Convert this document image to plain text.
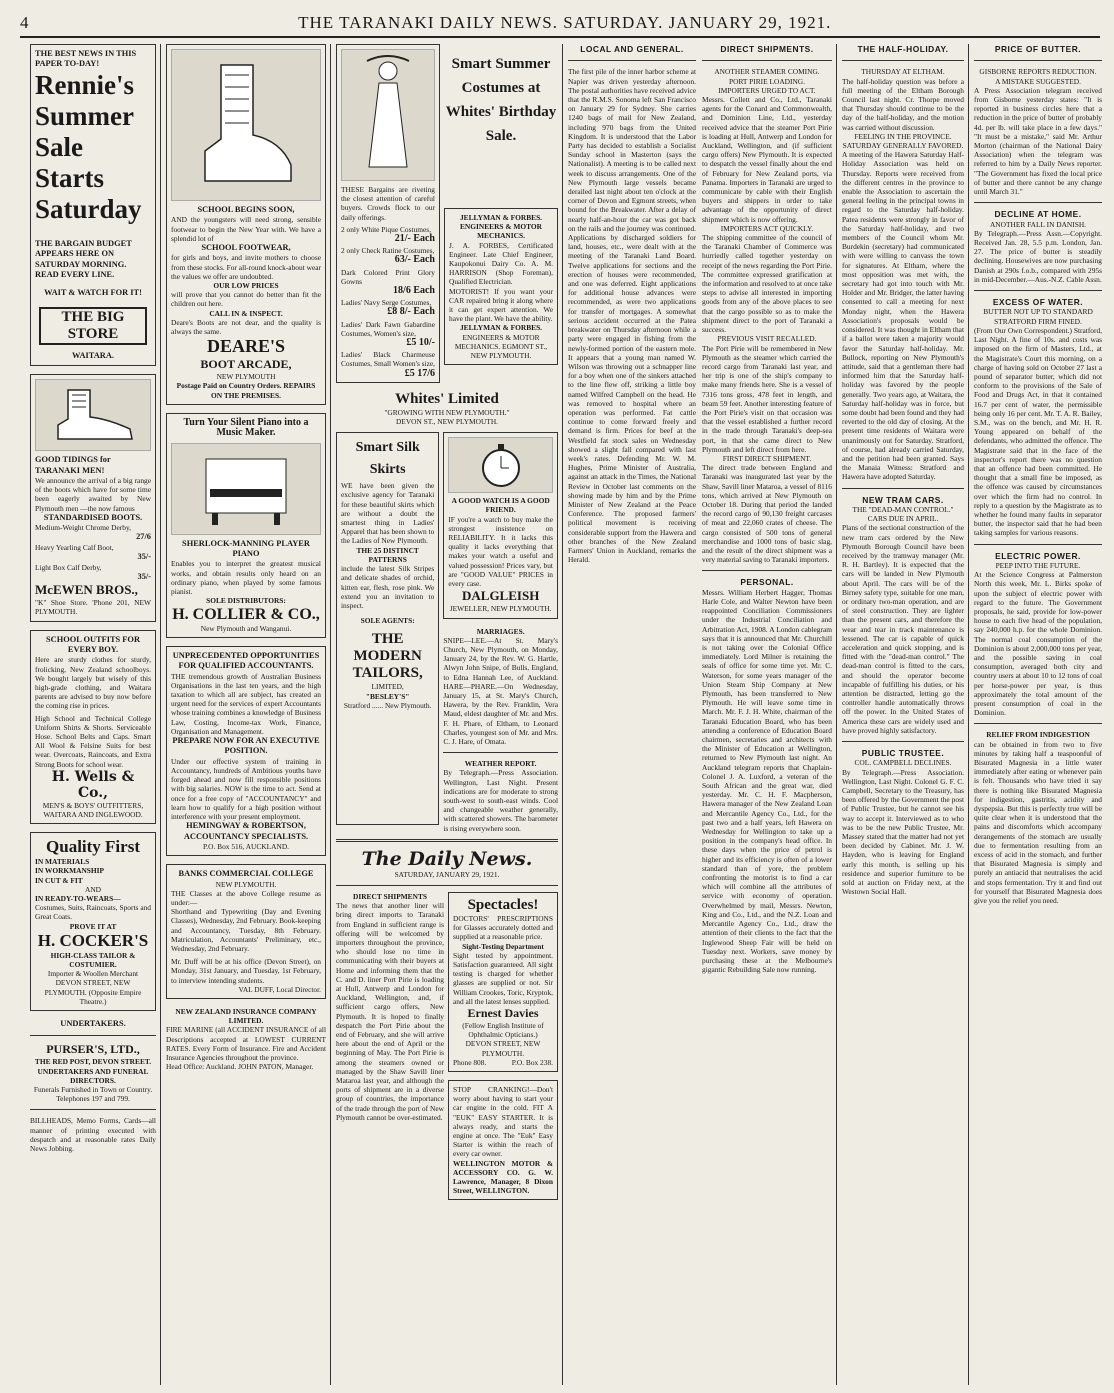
4	THE TARANAKI DAILY NEWS. SATURDAY. JANUARY 29, 1921.
THE BEST NEWS IN THIS PAPER TO-DAY!
Rennie's
Summer
Sale
Starts
Saturday
THE BARGAIN BUDGET APPEARS HERE ON SATURDAY MORNING. READ EVERY LINE.
WAIT & WATCH FOR IT!
THE BIG STORE
WAITARA.
GOOD TIDINGS for TARANAKI MEN!
We announce the arrival of a big range of the boots which have for some time been eagerly awaited by New Plymouth men —the now famous
STANDARDISED BOOTS.
Medium-Weight Chrome Derby,
27/6
Heavy Yearling Calf Boot,
35/-
Light Box Calf Derby,
35/-
McEWEN BROS.,
"K" Shoe Store. 'Phone 201, NEW PLYMOUTH.
SCHOOL OUTFITS FOR EVERY BOY.
Here are sturdy clothes for sturdy, frolicking, New Zealand schoolboys. We bought largely but wisely of this high-grade clothing, and Waitara parents are advised to buy now before the coming rise in prices.
High School and Technical College Uniform Shirts & Shorts. Serviceable Hose. School Belts and Caps. Smart All Wool & Felsine Suits for best wear. Overcoats, Raincoats, and Extra Strong Boots for school wear.
H. Wells & Co.,
MEN'S & BOYS' OUTFITTERS, WAITARA AND INGLEWOOD.
Quality First
IN MATERIALS
IN WORKMANSHIP
IN CUT & FIT
AND
IN READY-TO-WEARS—
Costumes, Suits, Raincoats, Sports and Great Coats.
PROVE IT AT
H. COCKER'S
HIGH-CLASS TAILOR & COSTUMIER.
Importer & Woollen Merchant DEVON STREET, NEW PLYMOUTH. (Opposite Empire Theatre.)
UNDERTAKERS.
PURSER'S, LTD.,
THE RED POST, DEVON STREET.
UNDERTAKERS AND FUNERAL DIRECTORS.
Funerals Furnished in Town or Country. Telephones 197 and 799.
BILLHEADS, Memo Forms, Cards—all manner of printing executed with despatch and at reasonable rates Daily News Jobbing.
SCHOOL BEGINS SOON,
AND the youngsters will need strong, sensible footwear to begin the New Year with. We have a splendid lot of
SCHOOL FOOTWEAR,
for girls and boys, and invite mothers to choose from these stocks. For all-round knock-about wear the values we offer are undoubted.
OUR LOW PRICES
will prove that you cannot do better than fit the children out here.
CALL IN & INSPECT.
Deare's Boots are not dear, and the quality is always the same.
DEARE'S
BOOT ARCADE,
NEW PLYMOUTH
Postage Paid on Country Orders. REPAIRS ON THE PREMISES.
Turn Your Silent Piano into a Music Maker.
SHERLOCK-MANNING PLAYER PIANO
Enables you to interpret the greatest musical works, and obtain results only heard on an ordinary piano, when played by some famous pianist.
SOLE DISTRIBUTORS:
H. COLLIER & CO.,
New Plymouth and Wanganui.
UNPRECEDENTED OPPORTUNITIES FOR QUALIFIED ACCOUNTANTS.
THE tremendous growth of Australian Business Organisations in the last ten years, and the high taxation to which all are subject, has created an urgent need for the services of expert Accountants whose training combines a knowledge of Business Law, Costing, Income-tax Work, Finance, Organisation and Management.
PREPARE NOW FOR AN EXECUTIVE POSITION.
Under our effective system of training in Accountancy, hundreds of Ambitious youths have forged ahead and now fill responsible positions with big salaries. NOW is the time to act. Send at once for a free copy of "ACCOUNTANCY" and learn how to qualify for a high position without interference with your present employment.
HEMINGWAY & ROBERTSON, ACCOUNTANCY SPECIALISTS.
P.O. Box 516, AUCKLAND.
BANKS COMMERCIAL COLLEGE
NEW PLYMOUTH.
THE Classes at the above College resume as under:—
Shorthand and Typewriting (Day and Evening Classes), Wednesday, 2nd February. Book-keeping and Accountancy, Tuesday, 8th February. Matriculation, Accountants' Preliminary, etc., Wednesday, 2nd February.
Mr. Duff will be at his office (Devon Street), on Monday, 31st January, and Tuesday, 1st February, to interview intending students.
VAL DUFF, Local Director.
NEW ZEALAND INSURANCE COMPANY LIMITED.
FIRE MARINE (all ACCIDENT INSURANCE of all Descriptions accepted at LOWEST CURRENT RATES. Every Form of Insurance. Fire and Accident Insurance Agencies throughout the province.
Head Office: Auckland. JOHN PATON, Manager.
THESE Bargains are riveting the closest attention of careful buyers. Crowds flock to our daily offerings.
2 only White Pique Costumes,
21/- Each
2 only Check Ratine Costumes,
63/- Each
Dark Colored Print Glory Gowns
18/6 Each
Ladies' Navy Serge Costumes,
£8 8/- Each
Ladies' Dark Fawn Gabardine Costumes, Women's size,
£5 10/-
Ladies' Black Charmeuse Costumes, Small Women's size,
£5 17/6
Smart Summer Costumes at Whites' Birthday Sale.
JELLYMAN & FORBES. ENGINEERS & MOTOR MECHANICS.
J. A. FORBES, Certificated Engineer. Late Chief Engineer, Kaupokonui Dairy Co. A. M. HARRISON (Shop Foreman), Qualified Electrician.
MOTORIST! If you want your CAR repaired bring it along where it can get expert attention. We have the plant. We have the ability.
JELLYMAN & FORBES.
ENGINEERS & MOTOR MECHANICS. EGMONT ST., NEW PLYMOUTH.
Whites' Limited
"GROWING WITH NEW PLYMOUTH."
DEVON ST., NEW PLYMOUTH.
Smart Silk Skirts
WE have been given the exclusive agency for Taranaki for these beautiful skirts which are without a doubt the smartest thing in Ladies' Apparel that has been shown to the Ladies of New Plymouth.
THE 25 DISTINCT PATTERNS
include the latest Silk Stripes and delicate shades of orchid, kitten ear, flesh, rose pink. We extend you an invitation to inspect.
SOLE AGENTS:
THE MODERN TAILORS,
LIMITED,
"BESLEY'S"
Stratford ...... New Plymouth.
A GOOD WATCH IS A GOOD FRIEND.
IF you're a watch to buy make the strongest insistence on RELIABILITY. It it lacks this quality it lacks everything that makes your watch a useful and valued possession! Prices vary, but are "GOOD VALUE" PRICES in every case.
DALGLEISH
JEWELLER, NEW PLYMOUTH.
MARRIAGES.
SNIPE—LEE.—At St. Mary's Church, New Plymouth, on Monday, January 24, by the Rev. W. G. Hartle, Alwyn John Snipe, of Bulls, England, to Edna Hannah Lee, of Auckland. HARE—PHARE.—On Wednesday, January 15, at St. Mary's Church, Hawera, by the Rev. Franklin, Vera Maud, eldest daughter of Mr. and Mrs. F. H. Phare, of Eltham, to Leonard Charles, youngest son of Mr. and Mrs. C. J. Hare, of Omata.
WEATHER REPORT.
By Telegraph.—Press Association. Wellington, Last Night. Present indications are for moderate to strong south-west to south-east winds. Cool and changeable weather generally, with scattered showers. The barometer is rising everywhere soon.
The Daily News.
SATURDAY, JANUARY 29, 1921.
DIRECT SHIPMENTS
The news that another liner will bring direct imports to Taranaki from England in sufficient range is offering will be welcomed by importers throughout the province, who should lose no time in communicating with their buyers at Home and informing them that the C. and D. liner Port Pirie is loading at Hull, Antwerp and London for Auckland, Wellington, and, if sufficient cargo offers, New Plymouth. It is hoped to finally despatch the Port Pirie about the end of February, and she will arrive here about the end of April or the beginning of May. The Port Pirie is among the steamers owned or managed by the Shaw Savill liner Mataroa last year, and although the ports of shipment are in a diverse group of countries, the importance of the trade through the port of New Plymouth cannot be over-estimated.
Spectacles!
DOCTORS' PRESCRIPTIONS for Glasses accurately dotted and supplied at a reasonable price.
Sight-Testing Department
Sight tested by appointment. Satisfaction guaranteed. All sight testing is charged for whether glasses are supplied or not. Sir William Crookes, Toric, Kryptok, and all the latest lenses supplied.
Ernest Davies
(Fellow English Institute of Ophthalmic Opticians.)
DEVON STREET, NEW PLYMOUTH.
Phone 808.	P.O. Box 238.
STOP CRANKING!—Don't worry about having to start your car engine in the cold. FIT A "EUK" EASY STARTER. It is always ready, and starts the engine at once. The "Euk" Easy Starter is within the reach of every car owner.
WELLINGTON MOTOR & ACCESSORY CO. G. W. Lawrence, Manager, 8 Dixon Street, WELLINGTON.
LOCAL AND GENERAL.
The first pile of the inner harbor scheme at Napier was driven yesterday afternoon. The postal authorities have received advice that the R.M.S. Sonoma left San Francisco on January 29 for Sydney. She carries 1240 bags of mail for New Zealand, including 970 bags from the United Kingdom. It is understood that the Labor Party has decided to establish a Socialist Sunday school in Masterton (says the Nationalist). A meeting is to be called next week to discuss arrangements. One of the New Plymouth large vessels became derailed last night about ten o'clock at the corner of Devon and Egmont streets, when bound for the Breakwater. After a delay of nearly half-an-hour the car was got back on the rails and the journey was continued. Applications by discharged soldiers for land, houses, etc., were dealt with at the meeting of the Taranaki Land Board. Twelve applications for sections and the erection of houses were recommended, and one was deferred. Eight applications for additional house advances were recommended, as were two applications for transfer of mortgages. A somewhat serious accident occurred at the Patea breakwater on Thursday afternoon while a party were engaged in fishing from the newly-formed portion of the eastern mole. It appears that a young man named W. Wilson was throwing out a schnapper line for a boy when one of the sinkers attached to the line flew off, striking a little boy named Wilfred Campbell on the head. He was removed to hospital where an operation was performed. Fat cattle continue to come forward freely and demand is firm. Prices for beef at the Westfield fat stock sales on Wednesday showed a slight fall compared with last week's rates. Defending Mr. W. M. Hughes, Prime Minister of Australia, against an attack in the Times, the National Review in October last comments on the showing made by him and by the Prime Minister of New Zealand at the Peace Conference. The proposed farmers' political movement is receiving considerable support from the Hawera and other branches of the New Zealand Farmers' Union in Auckland, remarks the Herald.
DIRECT SHIPMENTS.
ANOTHER STEAMER COMING.
PORT PIRIE LOADING.
IMPORTERS URGED TO ACT.
Messrs. Collett and Co., Ltd., Taranaki agents for the Conard and Commonwealth, and Dominion Line, Ltd., yesterday received advice that the steamer Port Pirie is loading at Hull, Antwerp and London for Auckland, Wellington, and (if sufficient cargo offers) New Plymouth. It is expected to despatch the vessel finally about the end of February for New Zealand ports, via Panama. Importers in Taranaki are urged to communicate by cable with their English buyers and shippers in order to take advantage of the opportunity of direct shipment which is now offering.
IMPORTERS ACT QUICKLY.
The shipping committee of the council of the Taranaki Chamber of Commerce was hurriedly called together yesterday on receipt of the news regarding the Port Pirie. The committee expressed gratification at the information and resolved to at once take steps to advise all interested in importing goods from any of the above places to see that the cargo possible so as to make the shipment direct to the port of Taranaki a success.
PREVIOUS VISIT RECALLED.
The Port Pirie will be remembered in New Plymouth as the steamer which carried the record cargo from Taranaki last year, and her trip is one of the ship's company to make many friends here. She is a vessel of 7316 tons gross, 478 feet in length, and beam 59 feet. Another interesting feature of the Port Pirie's visit on that occasion was that the vessel established a further record in the trade through Taranaki's deep-sea port, in that she came direct to New Plymouth and left direct from here.
FIRST DIRECT SHIPMENT.
The direct trade between England and Taranaki was inaugurated last year by the Shaw, Savill liner Mataroa, a vessel of 8116 tons, which arrived at New Plymouth on October 18. During that period the landed the record cargo of 90,130 freight carcases of meat and 22,060 crates of cheese. The cargo consisted of 500 tons of general merchandise and 1000 tons of basic slag, and the result of the direct shipment was a very material saving to Taranaki importers.
PERSONAL.
Messrs. William Herbert Hagger, Thomas Harle Cole, and Walter Newton have been reappointed Conciliation Commissioners under the Industrial Conciliation and Arbitration Act, 1908. A London cablegram says that it is announced that Mr. Churchill is not taking over the Colonial Office immediately. Lord Milner is retaining the seals of office for some time yet. Mr. C. Waterson, for some years manager of the Union Steam Ship Company at New Plymouth, has been transferred to New Plymouth. He will leave some time in March. Mr. F. J. H. White, chairman of the Taranaki Education Board, who has been attending a conference of Education Board chairmen, secretaries and architects with the Minister of Education at Wellington, returned to New Plymouth last night. An Auckland telegram reports that Chaplain-Colonel J. A. Luxford, a veteran of the South African and the great war, died yesterday. Mr. C. H. F. Macpherson, Hawera manager of the New Zealand Loan and Mercantile Agency Co., Ltd., for the past two and a half years, left Hawera on Wednesday for Wellington to take up a position in the company's head office. In these days when the price of petrol is higher and its efficiency is often of a lower standard than of yore, the problem confronting the motorist is to find a car which will combine all the attributes of service with economy of operation. Overwhelmed by mail, Messrs. Newton, King and Co., Ltd., and the N.Z. Loan and Mercantile Agency Co., Ltd., draw the attention of their clients to the fact that the Inglewood Sheep Fair will be held on Tuesday next. Workers, save money by purchasing these at the Melbourne's gigantic Rebuilding Sale now running.
THE HALF-HOLIDAY.
THURSDAY AT ELTHAM.
The half-holiday question was before a full meeting of the Eltham Borough Council last night. Cr. Thorpe moved that Thursday should continue to be the day of the half-holiday, and the motion was carried without discussion.
FEELING IN THE PROVINCE.
SATURDAY GENERALLY FAVORED.
A meeting of the Hawera Saturday Half-Holiday Association was held on Thursday. Reports were received from the different centres in the province to enable the Association to ascertain the general feeling in the principal towns in regard to the Saturday half-holiday. Patea residents were strongly in favor of the Saturday half-holiday, and two members of the Council whom Mr. Burdekin (secretary) had communicated with were willing to canvass the town for signatures. At Eltham, where the most opposition was met with, the secretary had got into touch with Mr. Holder and Mr. Bridger, the latter having consented to call a meeting for next Monday night, when the Hawera Association's proposals would be considered. It was thought in Eltham that if a ballot were taken a majority would favor the Saturday half-holiday. Mr. Bullock, reporting on New Plymouth's attitude, said that a gentleman there had informed him that the Saturday half-holiday was favored by the people generally. Two years ago, at Waitara, the Saturday half-holiday was in force, but some doubt had been found and they had reverted to the old day of closing. At the present time residents of Waitara were unanimously out for Saturday. Stratford, of course, had already carried Saturday, and the petition had been granted. Says the Manaia Witness: Stratford and Hawera have adopted Saturday.
NEW TRAM CARS.
THE "DEAD-MAN CONTROL."
CARS DUE IN APRIL.
Plans of the sectional construction of the new tram cars ordered by the New Plymouth Borough Council have been received by the tramway manager (Mr. R. H. Bartley). It is expected that the cars will be landed in New Plymouth about April. The cars will be of the Birney safety type, suitable for one man, or ordinary two-man operation, and are of steel construction. They are lighter than the present cars, and therefore the wear and tear in track maintenance is lessened. The car is capable of quick acceleration and quick stopping, and is fitted with the "dead-man control." The dead-man control is fitted to the cars, and should the operator become incapable of fulfilling his duties, or his attention be distracted, letting go the controller handle automatically throws off the power. In the United States of America these cars are widely used and have proved highly satisfactory.
PUBLIC TRUSTEE.
COL. CAMPBELL DECLINES.
By Telegraph.—Press Association. Wellington, Last Night. Colonel G. F. C. Campbell, Secretary to the Treasury, has been offered by the Government the post of Public Trustee, but he cannot see his way to accept it. Interviewed as to who was to be the new Public Trustee, Mr. Massey stated that the matter had not yet been decided by Cabinet. Mr. J. W. Hayden, who is leaving for England early this month, is selling up his residence and superior furniture to be sold at auction on Friday next, at the Westown Social Hall.
PRICE OF BUTTER.
GISBORNE REPORTS REDUCTION.
A MISTAKE SUGGESTED.
A Press Association telegram received from Gisborne yesterday states: "It is reported in business circles here that a reduction in the price of butter of probably 4d. per lb. will take place in a few days." "It must be a mistake," said Mr. Arthur Morton (chairman of the National Dairy Association) when the telegram was referred to him by a Daily News reporter. "The Government has fixed the local price of butter and there cannot be any change until March 31."
DECLINE AT HOME.
ANOTHER FALL IN DANISH.
By Telegraph.—Press Assn.—Copyright. Received Jan. 28, 5.5 p.m. London, Jan. 27. The price of butter is steadily declining. Housewives are now purchasing Danish at 290s f.o.b., compared with 295s in mid-December.—Aus.-N.Z. Cable Assn.
EXCESS OF WATER.
BUTTER NOT UP TO STANDARD
STRATFORD FIRM FINED.
(From Our Own Correspondent.) Stratford, Last Night. A fine of 10s. and costs was imposed on the firm of Masters, Ltd., at the Magistrate's Court this morning, on a charge of having sold on October 27 last a pound of separator butter, which did not conform to the provisions of the Sale of Food and Drugs Act, in that it contained 16.7 per cent of water, the permissible being only 16 per cent. Mr. T. A. R. Bailey, S.M., was on the bench, and Mr. H. R. Young appeared on behalf of the defendants, who admitted the offence. The Magistrate said that in the face of the inspector's report there was no question that an offence had been committed. He thought that a small fine be imposed, as the offence was caused by circumstances over which the firm had no control. In reply to a question by the Magistrate as to whether he found many faults in separator butter, the inspector said that he had been taking samples for various reasons.
ELECTRIC POWER.
PEEP INTO THE FUTURE.
At the Science Congress at Palmerston North this week, Mr. L. Birks spoke of upon the subject of electric power with regard to the future. The Government proposals, he said, provide for low-power house to each five head of the population, say 240,000 h.p. for the whole Dominion. The normal coal consumption of the Dominion is about 2,000,000 tons per year, and the possible saving in coal consumption, averaged both city and country users at about 10 to 12 tons of coal per horse-power per year, is thus approximately the total amount of the present consumption of coal in the Dominion.
RELIEF FROM INDIGESTION
can be obtained in from two to five minutes by taking half a teaspoonful of Bisurated Magnesia in a little water immediately after eating or whenever pain is felt. Thousands who have tried it say there is nothing like Bisurated Magnesia for indigestion, gastritis, acidity and dyspepsia. But this is perfectly true will be quite clear when it is understood that the pains and discomforts which accompany derangements of the stomach are usually due to fermentation resulting from an excess of acid in the stomach, and further that Bisurated Magnesia is simply and purely an antiacid that neutralises the acid and stops fermentation. Try it and find out for yourself that Bisurated Magnesia does give you the relief you need.
